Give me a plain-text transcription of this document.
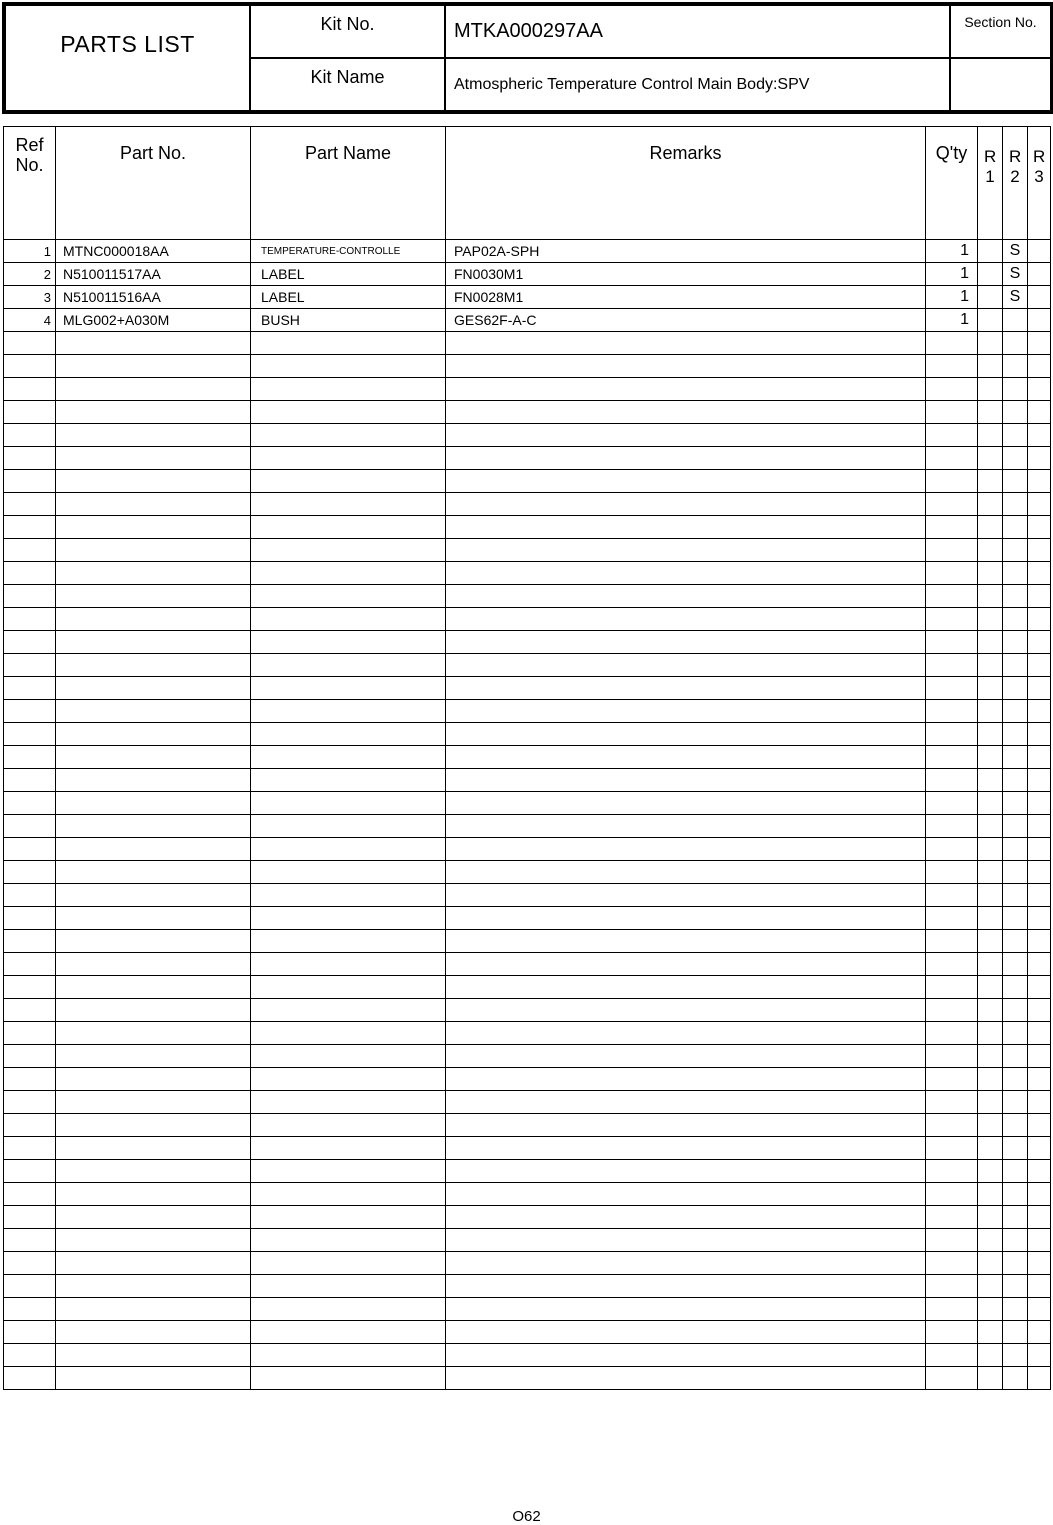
PARTS LIST	Kit No.	MTKA000297AA	Section No.
	Kit Name	Atmospheric Temperature Control Main Body:SPV	
Ref No.	Part No.	Part Name	Remarks	Q'ty	R 1	R 2	R 3

1	MTNC000018AA	TEMPERATURE-CONTROLLE	PAP02A-SPH	1		S	
2	N510011517AA	LABEL	FN0030M1	1		S	
3	N510011516AA	LABEL	FN0028M1	1		S	
4	MLG002+A030M	BUSH	GES62F-A-C	1			

O62
